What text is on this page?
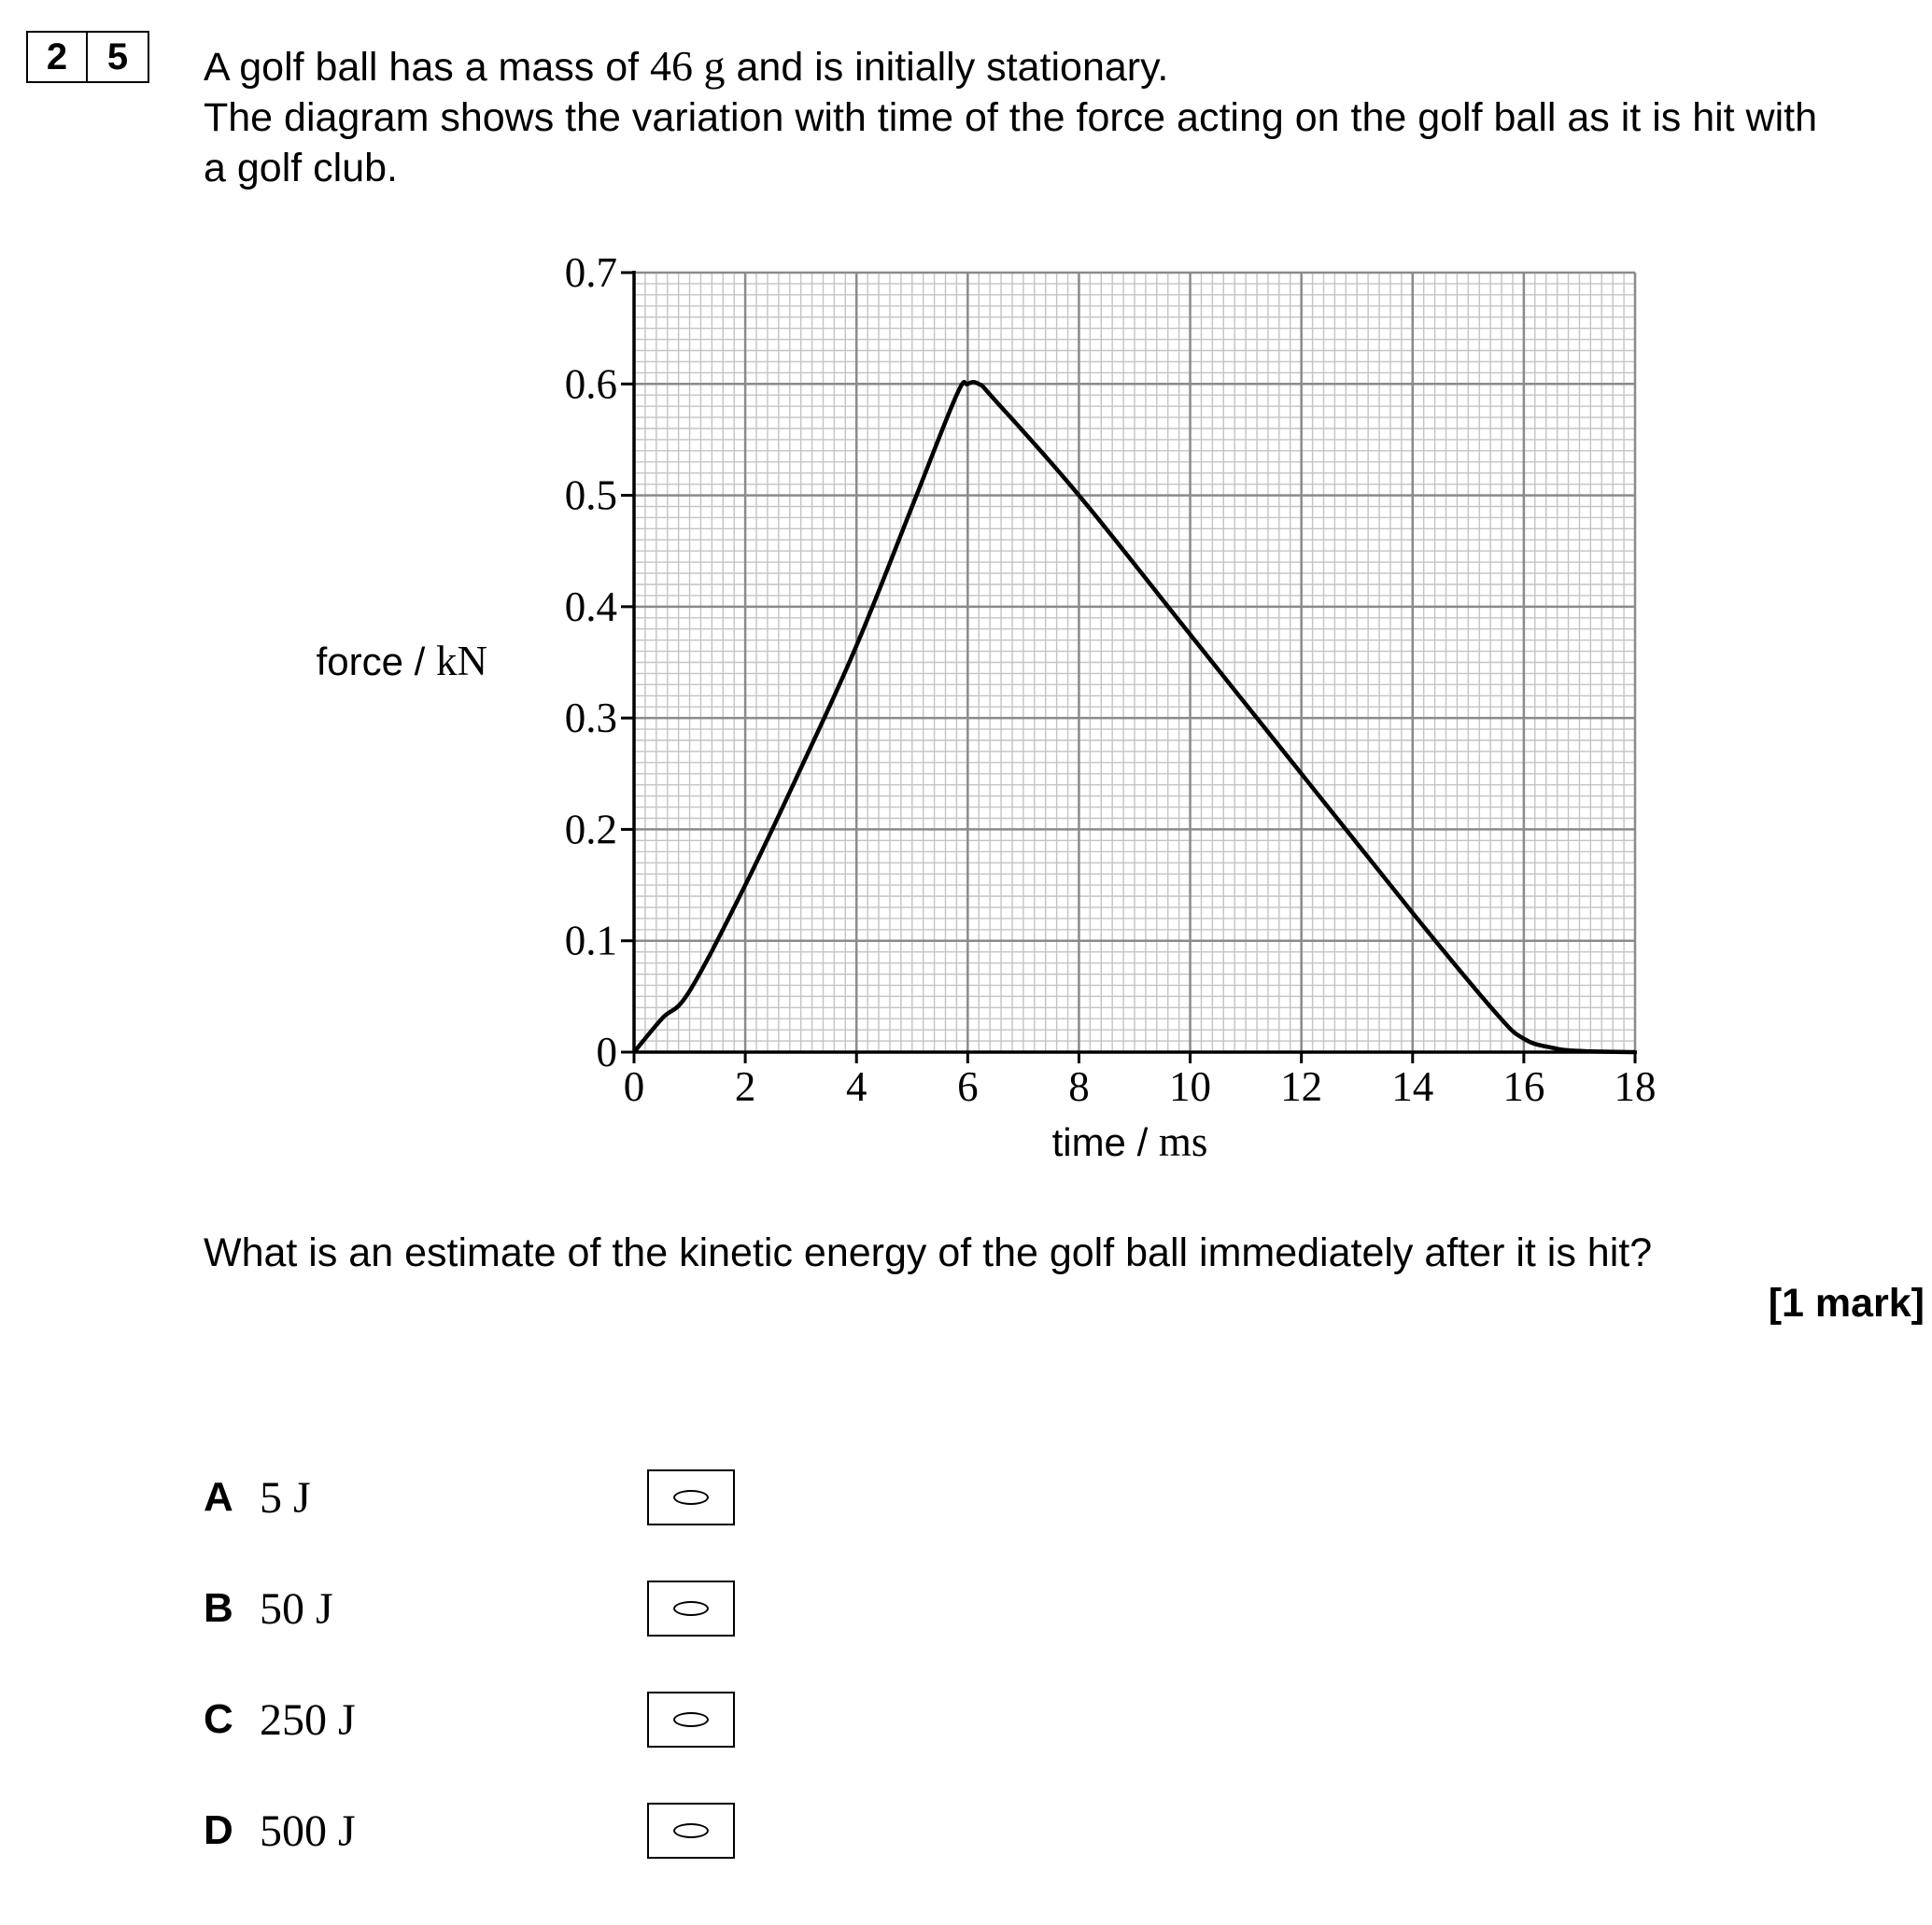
2	5	A golf ball has a mass of 46 g and is initially stationary.
The diagram shows the variation with time of the force acting on the golf ball as it is hit with
a golf club.
0
0.1
0.2
0.3
0.4
0.5
0.6
0.7
0 2 4 6 8 10 12 14 16 18
force / kN
time / ms
What is an estimate of the kinetic energy of the golf ball immediately after it is hit?
[1 mark]
A 5 J
B 50 J
C 250 J
D 500 J
